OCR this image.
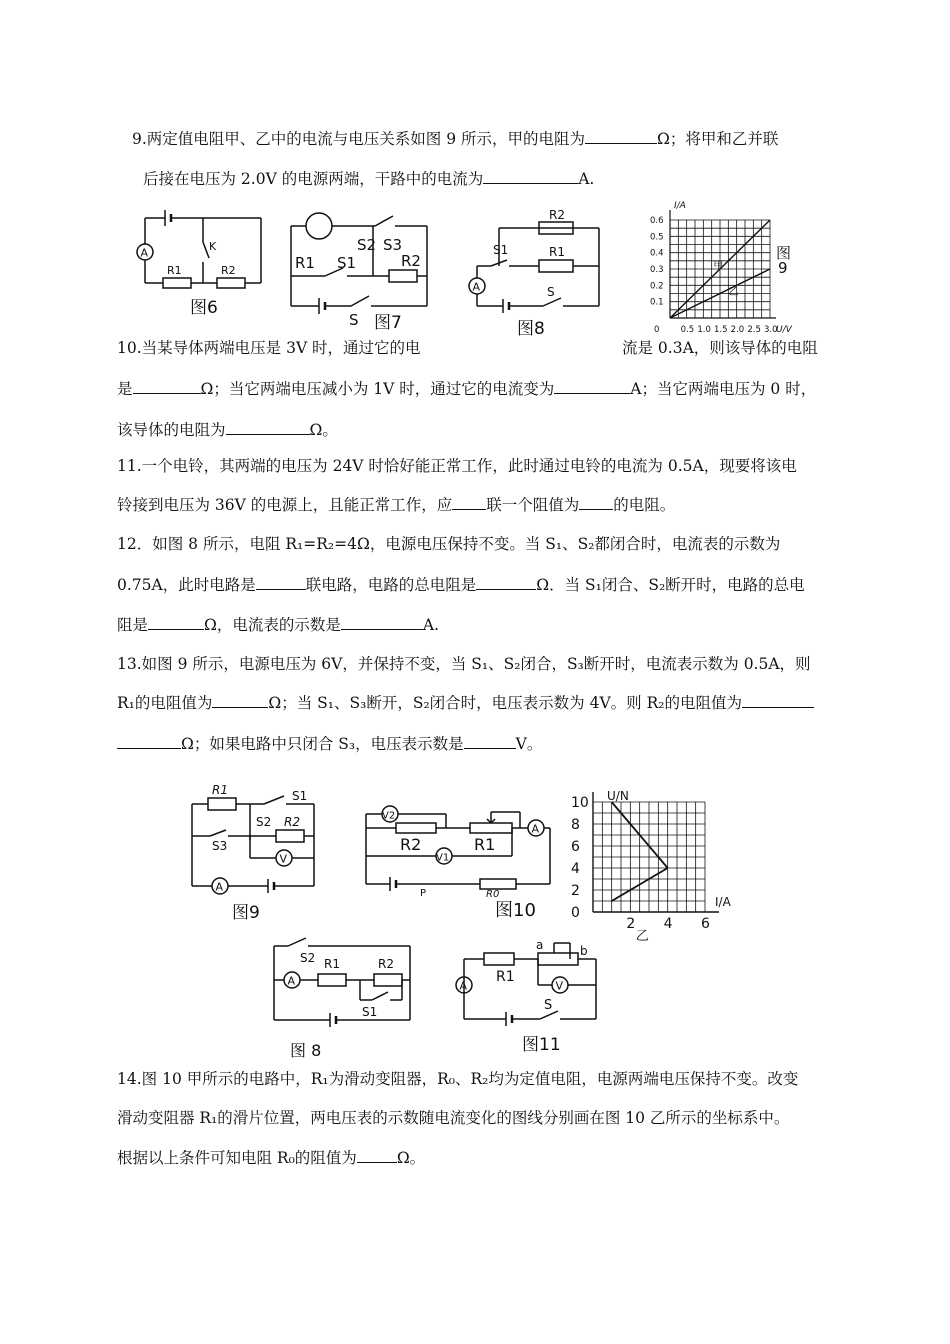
9.两定值电阻甲、乙中的电流与电压关系如图 9 所示，甲的电阻为	Ω；将甲和乙并联
后接在电压为 2.0V 的电源两端，干路中的电流为	A.
A
R1	R2
K
图6
R1 S1
S2 S3
R2
S 图7
R2
S1	R1
A	S
图8
0.1
0.2
0.3
0.4
0.5
0.6
0 0.5 1.0 1.5 2.0 2.5 3.0
I/A
U/V
甲
乙
图
9
10.当某导体两端电压是 3V 时，通过它的电	流是 0.3A，则该导体的电阻
是	Ω；当它两端电压减小为 1V 时，通过它的电流变为	A；当它两端电压为 0 时，
该导体的电阻为	Ω。
11.一个电铃，其两端的电压为 24V 时恰好能正常工作，此时通过电铃的电流为 0.5A，现要将该电
铃接到电压为 36V 的电源上，且能正常工作，应 联一个阻值为 的电阻。
12．如图 8 所示，电阻 R₁=R₂=4Ω，电源电压保持不变。当 S₁、S₂都闭合时，电流表的示数为
0.75A，此时电路是	联电路，电路的总电阻是	Ω．当 S₁闭合、S₂断开时，电路的总电
阻是	Ω，电流表的示数是	A.
13.如图 9 所示，电源电压为 6V，并保持不变，当 S₁、S₂闭合，S₃断开时，电流表示数为 0.5A，则
R₁的电阻值为	Ω；当 S₁、S₃断开，S₂闭合时，电压表示数为 4V。则 R₂的电阻值为
Ω；如果电路中只闭合 S₃，电压表示数是	V。
R1	S1
S3
S2 R2
V
A
图9
V2
R2	R1
A
V1
P	R0
图10	0
2
4
6
8
10
2 4 6
U/N
I/A
乙
S2
A
R1	R2
S1
图 8
R1
a	b
A	V
S
图11
14.图 10 甲所示的电路中，R₁为滑动变阻器，R₀、R₂均为定值电阻，电源两端电压保持不变。改变
滑动变阻器 R₁的滑片位置，两电压表的示数随电流变化的图线分别画在图 10 乙所示的坐标系中。
根据以上条件可知电阻 R₀的阻值为	Ω。
